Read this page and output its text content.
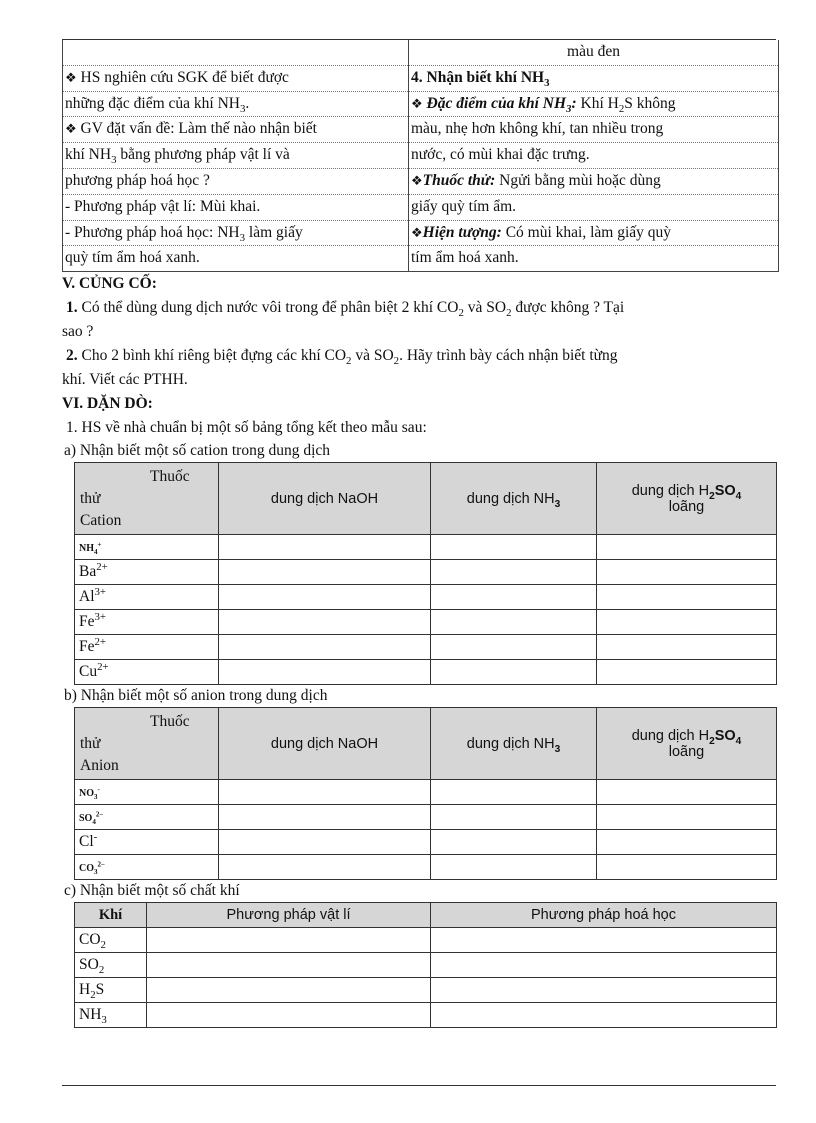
	màu đen
❖ HS nghiên cứu SGK để biết được	4. Nhận biết khí $NH_3$
những đặc điểm của khí $NH_3$.	❖ Đặc điểm của khí $NH_3$: Khí $H_2S$ không
❖ GV đặt vấn đề: Làm thế nào nhận biết	màu, nhẹ hơn không khí, tan nhiều trong
khí $NH_3$ bằng phương pháp vật lí và	nước, có mùi khai đặc trưng.
phương pháp hoá học ?	❖Thuốc thử: Ngửi bằng mùi hoặc dùng
- Phương pháp vật lí: Mùi khai.	giấy quỳ tím ẩm.
- Phương pháp hoá học: $NH_3$ làm giấy	❖Hiện tượng: Có mùi khai, làm giấy quỳ
quỳ tím ẩm hoá xanh.	tím ẩm hoá xanh.

V. CỦNG CỐ:

1. Có thể dùng dung dịch nước vôi trong để phân biệt 2 khí $CO_2$ và $SO_2$ được không ? Tại

sao ?

2. Cho 2 bình khí riêng biệt đựng các khí $CO_2$ và $SO_2$. Hãy trình bày cách nhận biết từng

khí. Viết các PTHH.

VI. DẶN DÒ:

1. HS về nhà chuẩn bị một số bảng tổng kết theo mẫu sau:

a) Nhận biết một số cation trong dung dịch

Thuốc
thử
Cation	dung dịch NaOH	dung dịch $NH_3$	dung dịch $H_2SO_4$
loãng
$NH_4^+$			
$Ba^{2+}$			
$Al^{3+}$			
$Fe^{3+}$			
$Fe^{2+}$			
$Cu^{2+}$			

b) Nhận biết một số anion trong dung dịch

Thuốc
thử
Anion	dung dịch NaOH	dung dịch $NH_3$	dung dịch $H_2SO_4$
loãng
$NO_3^-$			
$SO_4^{2-}$			
Cl-			
$CO_3^{2-}$			

c) Nhận biết một số chất khí

Khí	Phương pháp vật lí	Phương pháp hoá học
$CO_2$		
$SO_2$		
$H_2S$		
$NH_3$		
